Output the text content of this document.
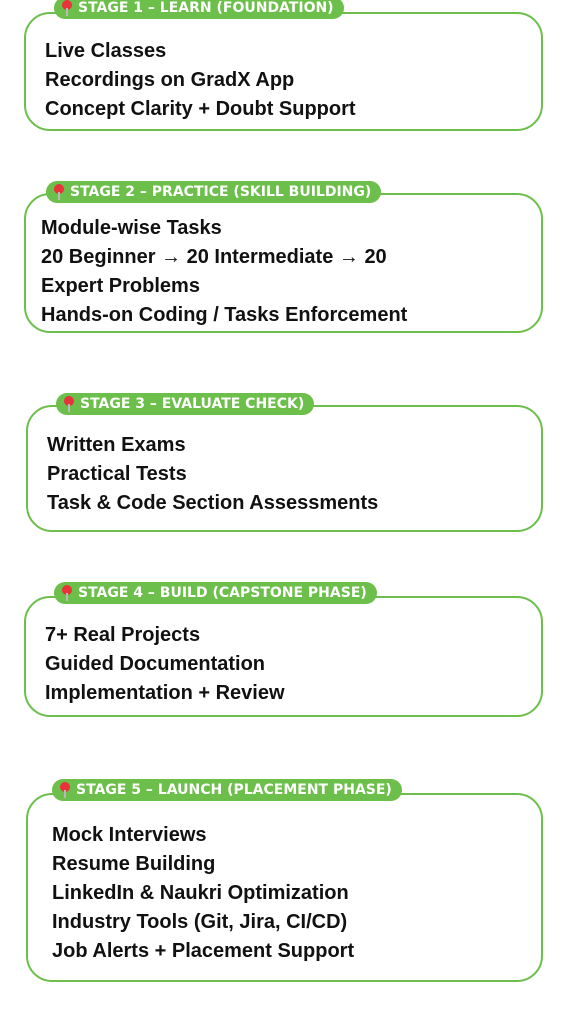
STAGE 1 – LEARN (FOUNDATION)
Live Classes
Recordings on GradX App
Concept Clarity + Doubt Support
STAGE 2 – PRACTICE (SKILL BUILDING)
Module-wise Tasks
20 Beginner → 20 Intermediate → 20
Expert Problems
Hands-on Coding / Tasks Enforcement
STAGE 3 – EVALUATE CHECK)
Written Exams
Practical Tests
Task & Code Section Assessments
STAGE 4 – BUILD (CAPSTONE PHASE)
7+ Real Projects
Guided Documentation
Implementation + Review
STAGE 5 – LAUNCH (PLACEMENT PHASE)
Mock Interviews
Resume Building
LinkedIn & Naukri Optimization
Industry Tools (Git, Jira, CI/CD)
Job Alerts + Placement Support
